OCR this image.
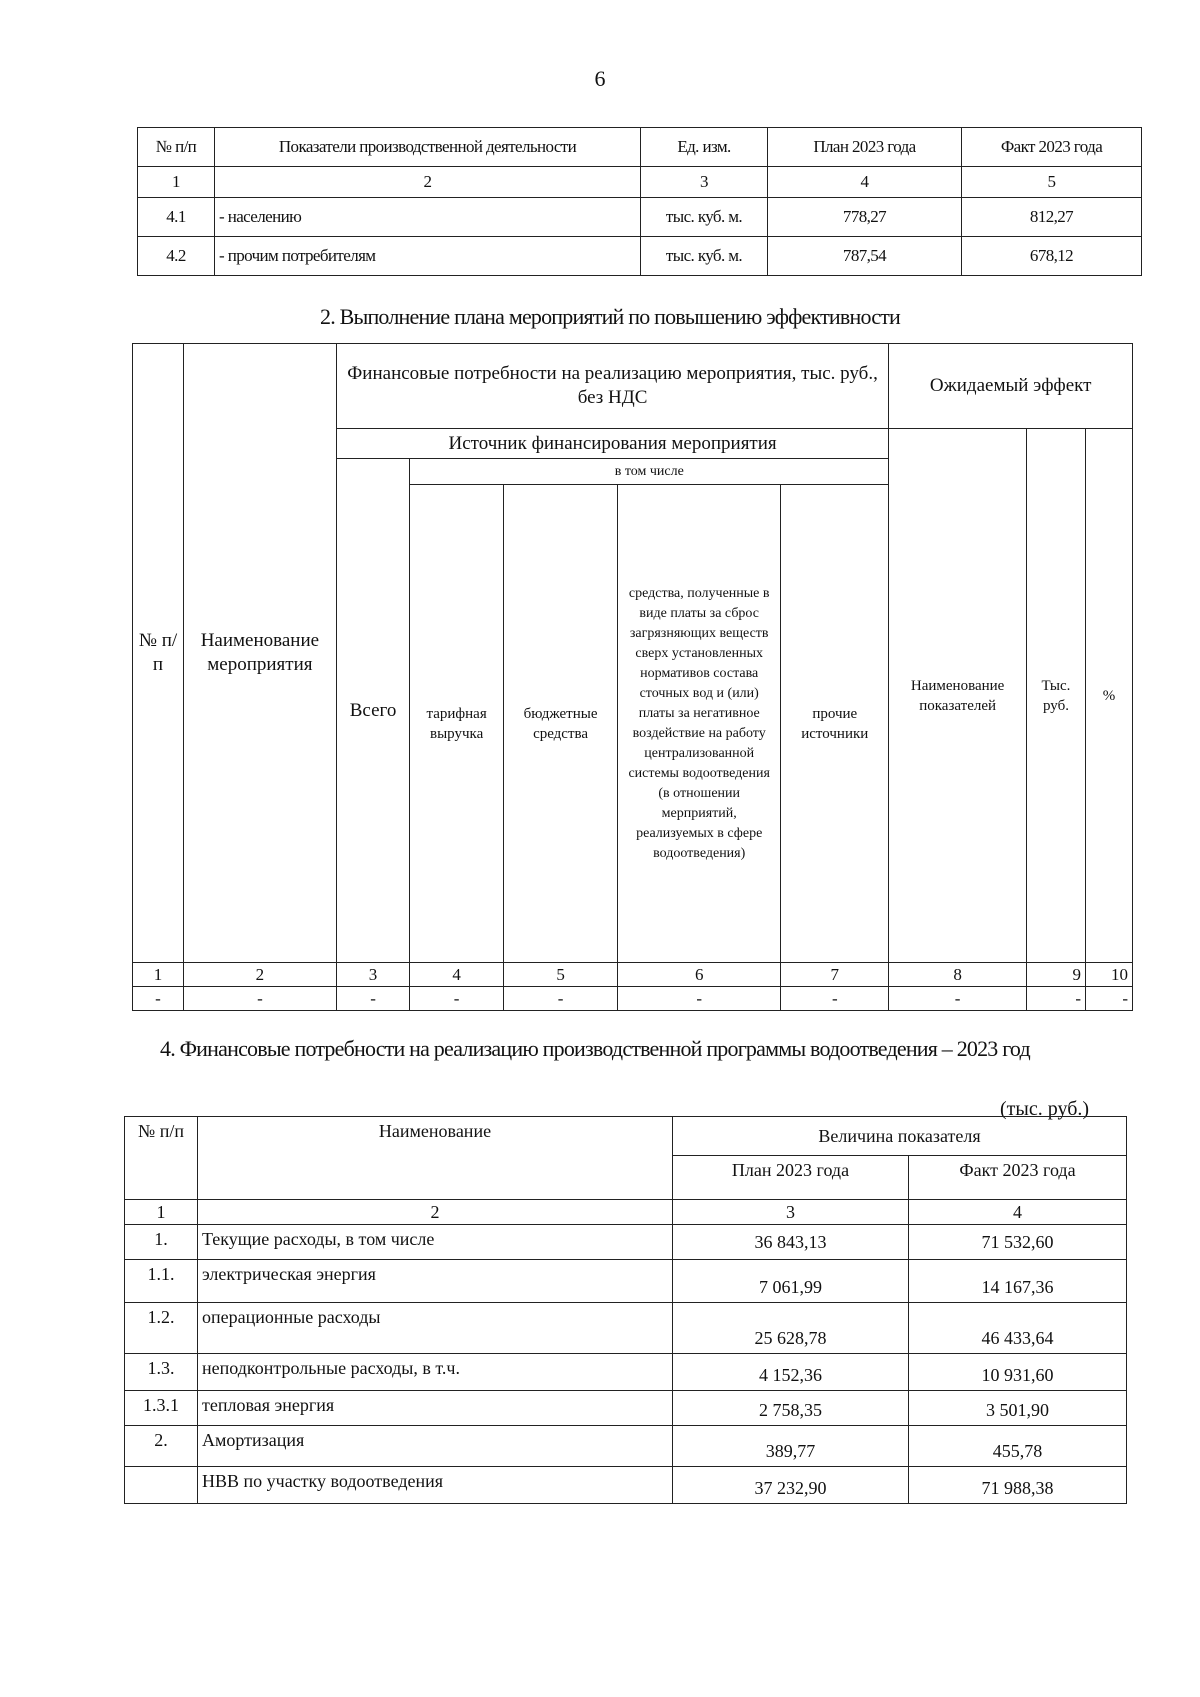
6
№ п/п	Показатели производственной деятельности	Ед. изм.	План 2023 года	Факт 2023 года
1	2	3	4	5
4.1	- населению	тыс. куб. м.	778,27	812,27
4.2	- прочим потребителям	тыс. куб. м.	787,54	678,12
2. Выполнение плана мероприятий по повышению эффективности
№ п/п	Наименование мероприятия	Финансовые потребности на реализацию мероприятия, тыс. руб., без НДС					Ожидаемый эффект		
		Источник финансирования мероприятия					Наименование показателей	Тыс. руб.	%
		Всего	в том числе						
			тарифная выручка	бюджетные средства	средства, полученные в виде платы за сброс загрязняющих веществ сверх установленных нормативов состава сточных вод и (или) платы за негативное воздействие на работу централизованной системы водоотведения (в отношении мерприятий, реализуемых в сфере водоотведения)	прочие источники			
1	2	3	4	5	6	7	8	9	10
-	-	-	-	-	-	-	-	-	-
4. Финансовые потребности на реализацию производственной программы водоотведения – 2023 год
(тыс. руб.)
№ п/п	Наименование	Величина показателя	
		План 2023 года	Факт 2023 года
1	2	3	4
1.	Текущие расходы, в том числе	36 843,13	71 532,60
1.1.	электрическая энергия	7 061,99	14 167,36
1.2.	операционные расходы	25 628,78	46 433,64
1.3.	неподконтрольные расходы, в т.ч.	4 152,36	10 931,60
1.3.1	тепловая энергия	2 758,35	3 501,90
2.	Амортизация	389,77	455,78
	НВВ по участку водоотведения	37 232,90	71 988,38
